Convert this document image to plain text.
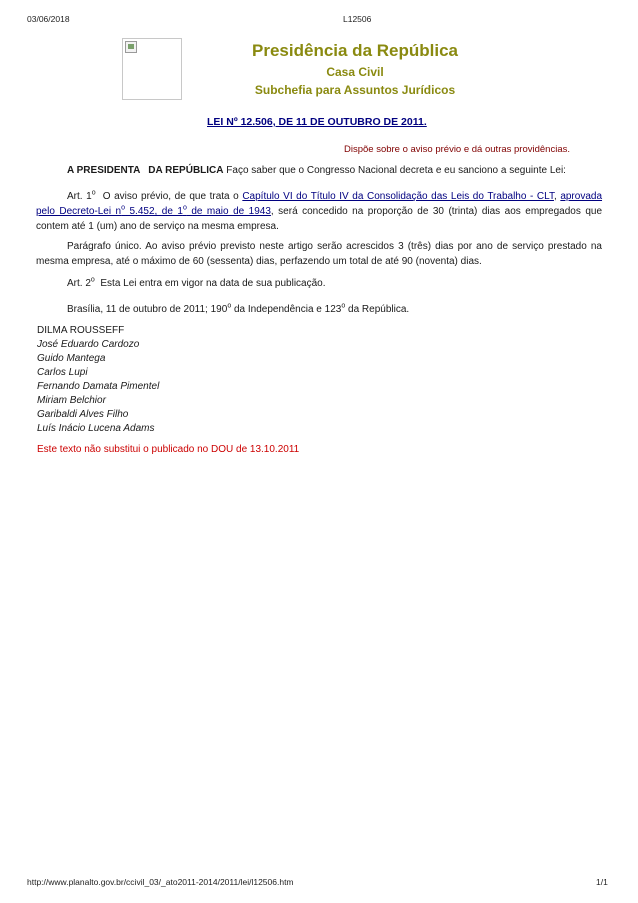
03/06/2018	L12506
Presidência da República
Casa Civil
Subchefia para Assuntos Jurídicos
LEI Nº 12.506, DE 11 DE OUTUBRO DE 2011.
Dispõe sobre o aviso prévio e dá outras providências.
A PRESIDENTA   DA REPÚBLICA Faço saber que o Congresso Nacional decreta e eu sanciono a seguinte Lei:
Art. 1$^o$  O aviso prévio, de que trata o Capítulo VI do Título IV da Consolidação das Leis do Trabalho - CLT, aprovada pelo Decreto-Lei $n^o$ 5.452, de 1$^o$ de maio de 1943, será concedido na proporção de 30 (trinta) dias aos empregados que contem até 1 (um) ano de serviço na mesma empresa.
Parágrafo único. Ao aviso prévio previsto neste artigo serão acrescidos 3 (três) dias por ano de serviço prestado na mesma empresa, até o máximo de 60 (sessenta) dias, perfazendo um total de até 90 (noventa) dias.
Art. 2$^o$  Esta Lei entra em vigor na data de sua publicação.
Brasília, 11 de outubro de 2011; 190$^o$ da Independência e 123$^o$ da República.
DILMA ROUSSEFF
José Eduardo Cardozo
Guido Mantega
Carlos Lupi
Fernando Damata Pimentel
Miriam Belchior
Garibaldi Alves Filho
Luís Inácio Lucena Adams
Este texto não substitui o publicado no DOU de 13.10.2011
http://www.planalto.gov.br/ccivil_03/_ato2011-2014/2011/lei/l12506.htm	1/1
